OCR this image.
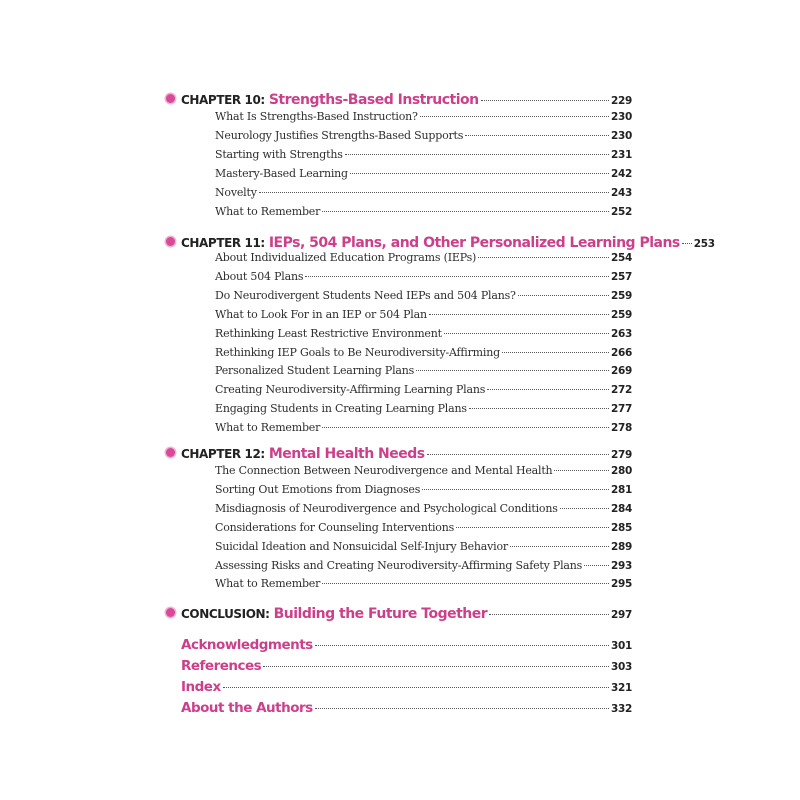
CHAPTER 10: Strengths-Based Instruction	229
What Is Strengths-Based Instruction?	230
Neurology Justifies Strengths-Based Supports	230
Starting with Strengths	231
Mastery-Based Learning	242
Novelty	243
What to Remember	252
CHAPTER 11: IEPs, 504 Plans, and Other Personalized Learning Plans 253
About Individualized Education Programs (IEPs)	254
About 504 Plans	257
Do Neurodivergent Students Need IEPs and 504 Plans?	259
What to Look For in an IEP or 504 Plan	259
Rethinking Least Restrictive Environment	263
Rethinking IEP Goals to Be Neurodiversity-Affirming	266
Personalized Student Learning Plans	269
Creating Neurodiversity-Affirming Learning Plans	272
Engaging Students in Creating Learning Plans	277
What to Remember	278
CHAPTER 12: Mental Health Needs	279
The Connection Between Neurodivergence and Mental Health	280
Sorting Out Emotions from Diagnoses	281
Misdiagnosis of Neurodivergence and Psychological Conditions	284
Considerations for Counseling Interventions	285
Suicidal Ideation and Nonsuicidal Self-Injury Behavior	289
Assessing Risks and Creating Neurodiversity-Affirming Safety Plans	293
What to Remember	295
CONCLUSION: Building the Future Together	297
Acknowledgments	301
References	303
Index	321
About the Authors	332
